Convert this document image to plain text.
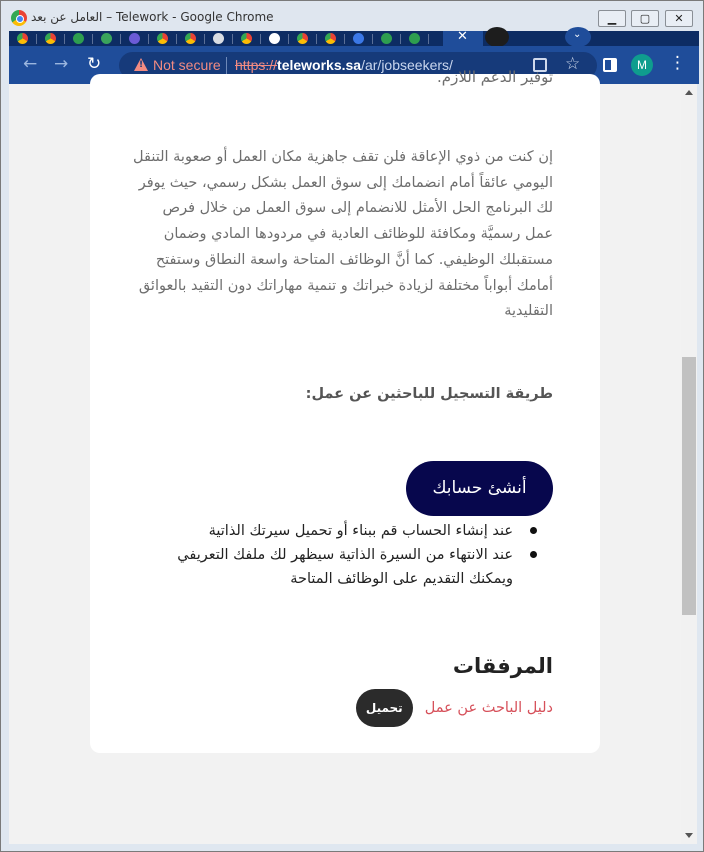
العامل عن بعد – Telework - Google Chrome	▁	▢	✕
✕	⌄
← → ↻
!	Not secure https://teleworks.sa/ar/jobseekers/	☆	M	⋮
توفير الدعم اللازم.

إن كنت من ذوي الإعاقة فلن تقف جاهزية مكان العمل أو صعوبة التنقل اليومي عائقاً أمام انضمامك إلى سوق العمل بشكل رسمي، حيث يوفر لك البرنامج الحل الأمثل للانضمام إلى سوق العمل من خلال فرص عمل رسميَّة ومكافئة للوظائف العادية في مردودها المادي وضمان مستقبلك الوظيفي. كما أنَّ الوظائف المتاحة واسعة النطاق وستفتح أمامك أبواباً مختلفة لزيادة خبراتك و تنمية مهاراتك دون التقيد بالعوائق التقليدية

طريقة التسجيل للباحثين عن عمل:
أنشئ حسابك
عند إنشاء الحساب قم ببناء أو تحميل سيرتك الذاتية
عند الانتهاء من السيرة الذاتية سيظهر لك ملفك التعريفي ويمكنك التقديم على الوظائف المتاحة
المرفقات
دليل الباحث عن عمل
تحميل
